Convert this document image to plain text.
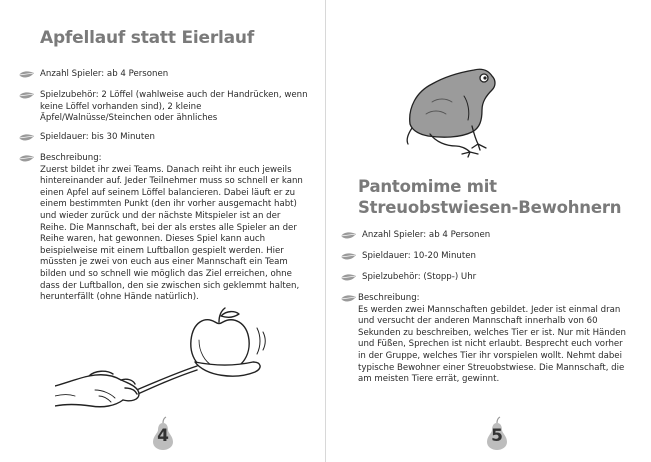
Apfellauf statt Eierlauf
Anzahl Spieler: ab 4 Personen
Spielzubehör: 2 Löffel (wahlweise auch der Handrücken, wenn keine Löffel vorhanden sind), 2 kleine Äpfel/Walnüsse/Steinchen oder ähnliches
Spieldauer: bis 30 Minuten
Beschreibung:
Zuerst bildet ihr zwei Teams. Danach reiht ihr euch jeweils hintereinander auf. Jeder Teilnehmer muss so schnell er kann einen Apfel auf seinem Löffel balancieren. Dabei läuft er zu einem bestimmten Punkt (den ihr vorher ausgemacht habt) und wieder zurück und der nächste Mitspieler ist an der Reihe. Die Mannschaft, bei der als erstes alle Spieler an der Reihe waren, hat gewonnen. Dieses Spiel kann auch beispielweise mit einem Luftballon gespielt werden. Hier müssten je zwei von euch aus einer Mannschaft ein Team bilden und so schnell wie möglich das Ziel erreichen, ohne dass der Luftballon, den sie zwischen sich geklemmt halten, herunterfällt (ohne Hände natürlich).
4
Pantomime mit
Streuobstwiesen-Bewohnern
Anzahl Spieler: ab 4 Personen
Spieldauer: 10-20 Minuten
Spielzubehör: (Stopp-) Uhr
Beschreibung:
Es werden zwei Mannschaften gebildet. Jeder ist einmal dran und versucht der anderen Mannschaft innerhalb von 60 Sekunden zu beschreiben, welches Tier er ist. Nur mit Händen und Füßen, Sprechen ist nicht erlaubt. Besprecht euch vorher in der Gruppe, welches Tier ihr vorspielen wollt. Nehmt dabei typische Bewohner einer Streuobstwiese. Die Mannschaft, die am meisten Tiere errät, gewinnt.
5
